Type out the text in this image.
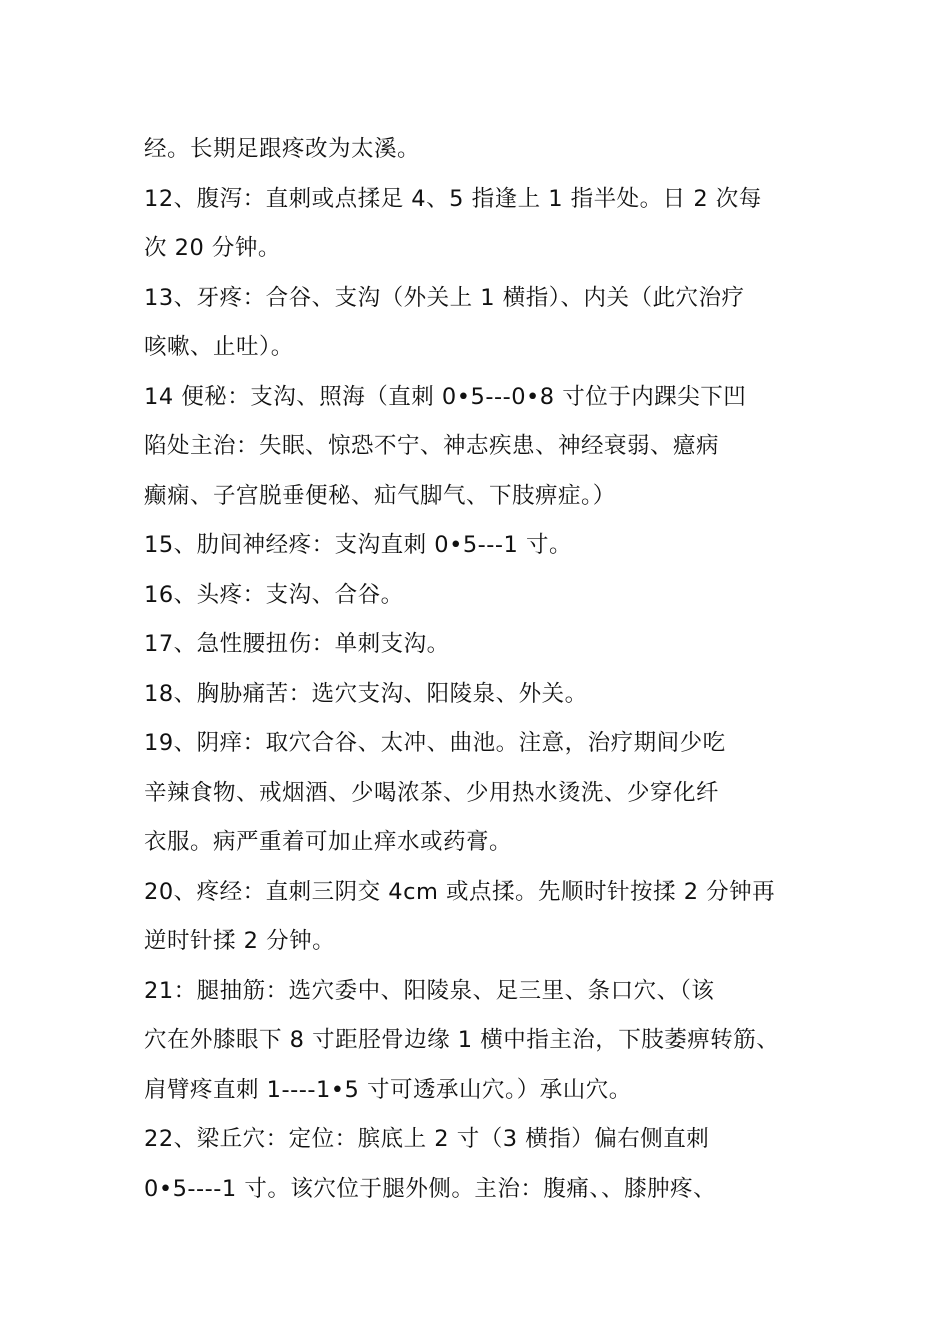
经。长期足跟疼改为太溪。
12、腹泻：直刺或点揉足 4、5 指逢上 1 指半处。日 2 次每
次 20 分钟。
13、牙疼：合谷、支沟（外关上 1 横指）、内关（此穴治疗
咳嗽、止吐）。
14 便秘：支沟、照海（直刺 0•5---0•8 寸位于内踝尖下凹
陷处主治：失眠、惊恐不宁、神志疾患、神经衰弱、癔病
癫痫、子宫脱垂便秘、疝气脚气、下肢痹症。）
15、肋间神经疼：支沟直刺 0•5---1 寸。
16、头疼：支沟、合谷。
17、急性腰扭伤：单刺支沟。
18、胸胁痛苦：选穴支沟、阳陵泉、外关。
19、阴痒：取穴合谷、太冲、曲池。注意，治疗期间少吃
辛辣食物、戒烟酒、少喝浓茶、少用热水烫洗、少穿化纤
衣服。病严重着可加止痒水或药膏。
20、疼经：直刺三阴交 4cm 或点揉。先顺时针按揉 2 分钟再
逆时针揉 2 分钟。
21：腿抽筋：选穴委中、阳陵泉、足三里、条口穴、（该
穴在外膝眼下 8 寸距胫骨边缘 1 横中指主治，下肢萎痹转筋、
肩臂疼直刺 1----1•5 寸可透承山穴。）承山穴。
22、梁丘穴：定位：膑底上 2 寸（3 横指）偏右侧直刺
0•5----1 寸。该穴位于腿外侧。主治：腹痛、、膝肿疼、
